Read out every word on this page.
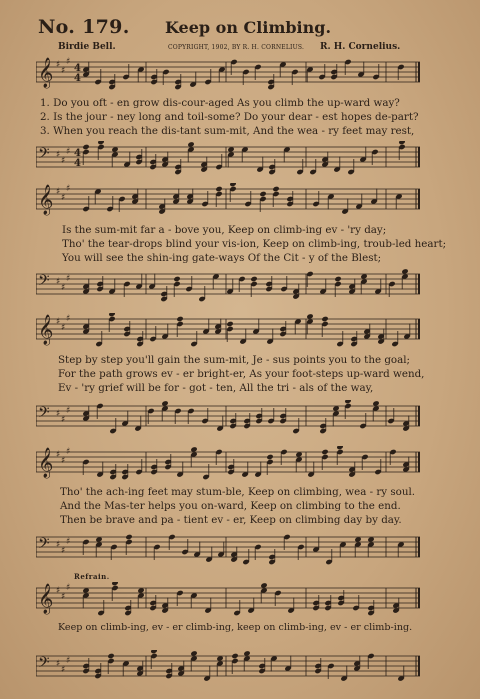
No. 179. Keep on Climbing.
Birdie Bell.	COPYRIGHT, 1902, BY R. H. CORNELIUS. R. H. Cornelius.
𝄞 ♯
♯
♯
4
4
1. Do you oft - en grow dis-cour-aged As you climb the up-ward way?
2. Is the jour - ney long and toil-some? Do your dear - est hopes de-part?
3. When you reach the dis-tant sum-mit, And the wea - ry feet may rest,
𝄢 ♯
♯
♯ 4
4
𝄞 ♯
♯
♯
Is the sum-mit far a - bove you, Keep on climb-ing ev - 'ry day;
Tho' the tear-drops blind your vis-ion, Keep on climb-ing, troub-led heart;
You will see the shin-ing gate-ways Of the Cit - y of the Blest;
𝄢 ♯
♯
♯
𝄞 ♯
♯
♯
Step by step you'll gain the sum-mit, Je - sus points you to the goal;
For the path grows ev - er bright-er, As your foot-steps up-ward wend,
Ev - 'ry grief will be for - got - ten, All the tri - als of the way,
𝄢 ♯
♯
♯
𝄞 ♯
♯
♯
Tho' the ach-ing feet may stum-ble, Keep on climbing, wea - ry soul.
And the Mas-ter helps you on-ward, Keep on climbing to the end.
Then be brave and pa - tient ev - er, Keep on climbing day by day.
𝄢 ♯
♯
♯
Refrain.
𝄞 ♯
♯
♯
Keep on climb-ing, ev - er climb-ing, keep on climb-ing, ev - er climb-ing.
𝄢 ♯
♯
♯
